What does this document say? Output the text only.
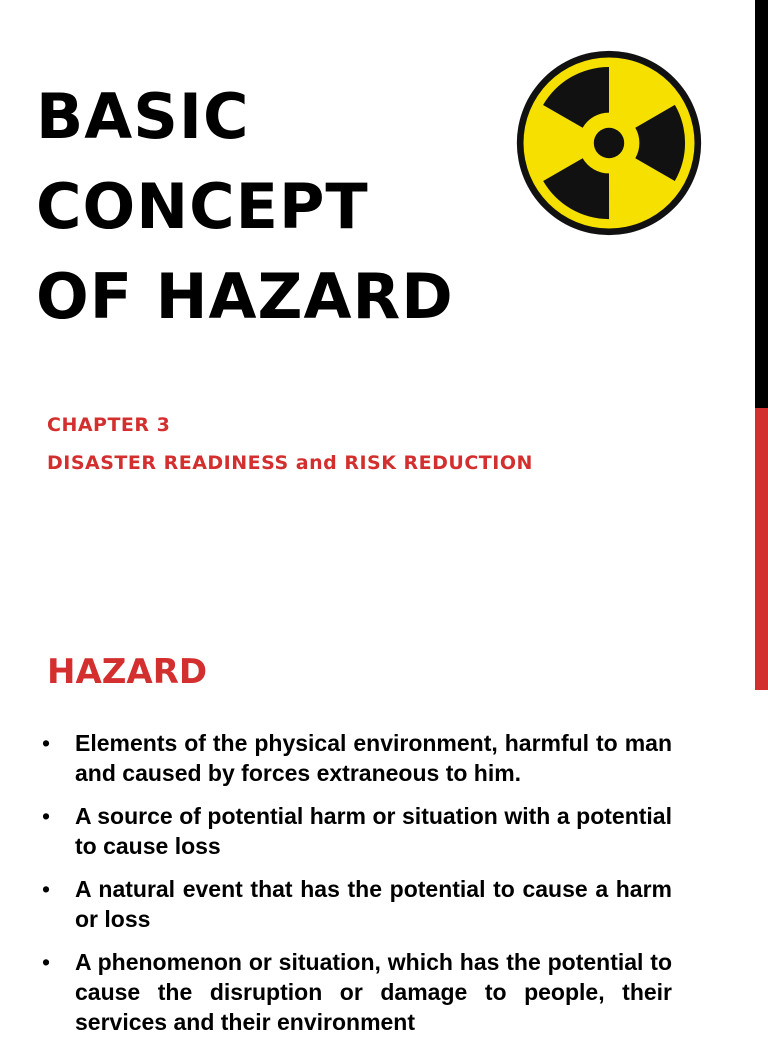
BASIC
CONCEPT
OF HAZARD
CHAPTER 3
DISASTER READINESS and RISK REDUCTION
HAZARD
• Elements of the physical environment, harmful to man and caused by forces extraneous to him.
• A source of potential harm or situation with a potential to cause loss
• A natural event that has the potential to cause a harm or loss
• A phenomenon or situation, which has the potential to cause the disruption or damage to people, their services and their environment
